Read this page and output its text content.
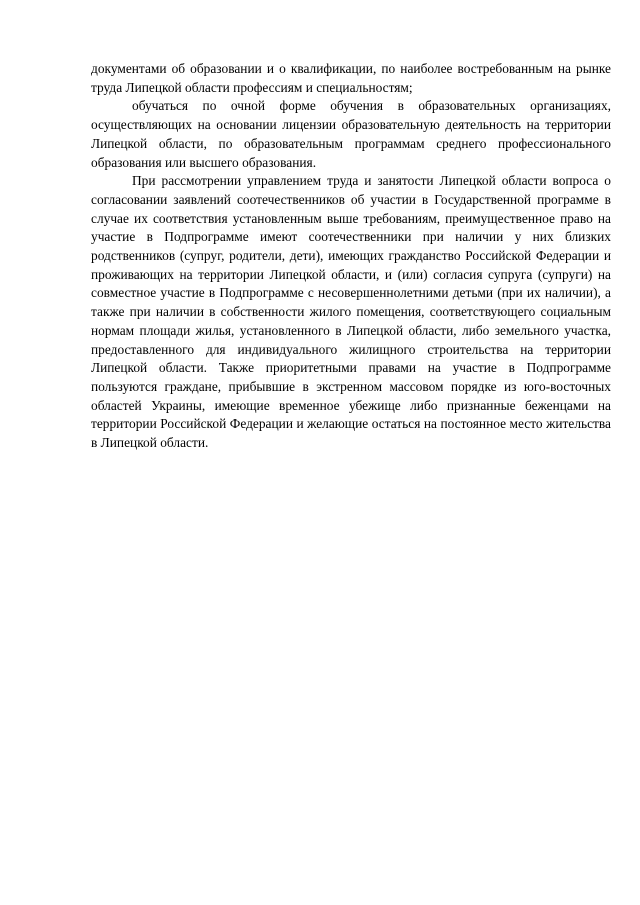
документами об образовании и о квалификации, по наиболее востребованным на рынке труда Липецкой области профессиям и специальностям;

обучаться по очной форме обучения в образовательных организациях, осуществляющих на основании лицензии образовательную деятельность на территории Липецкой области, по образовательным программам среднего профессионального образования или высшего образования.

При рассмотрении управлением труда и занятости Липецкой области вопроса о согласовании заявлений соотечественников об участии в Государственной программе в случае их соответствия установленным выше требованиям, преимущественное право на участие в Подпрограмме имеют соотечественники при наличии у них близких родственников (супруг, родители, дети), имеющих гражданство Российской Федерации и проживающих на территории Липецкой области, и (или) согласия супруга (супруги) на совместное участие в Подпрограмме с несовершеннолетними детьми (при их наличии), а также при наличии в собственности жилого помещения, соответствующего социальным нормам площади жилья, установленного в Липецкой области, либо земельного участка, предоставленного для индивидуального жилищного строительства на территории Липецкой области. Также приоритетными правами на участие в Подпрограмме пользуются граждане, прибывшие в экстренном массовом порядке из юго-восточных областей Украины, имеющие временное убежище либо признанные беженцами на территории Российской Федерации и желающие остаться на постоянное место жительства в Липецкой области.
